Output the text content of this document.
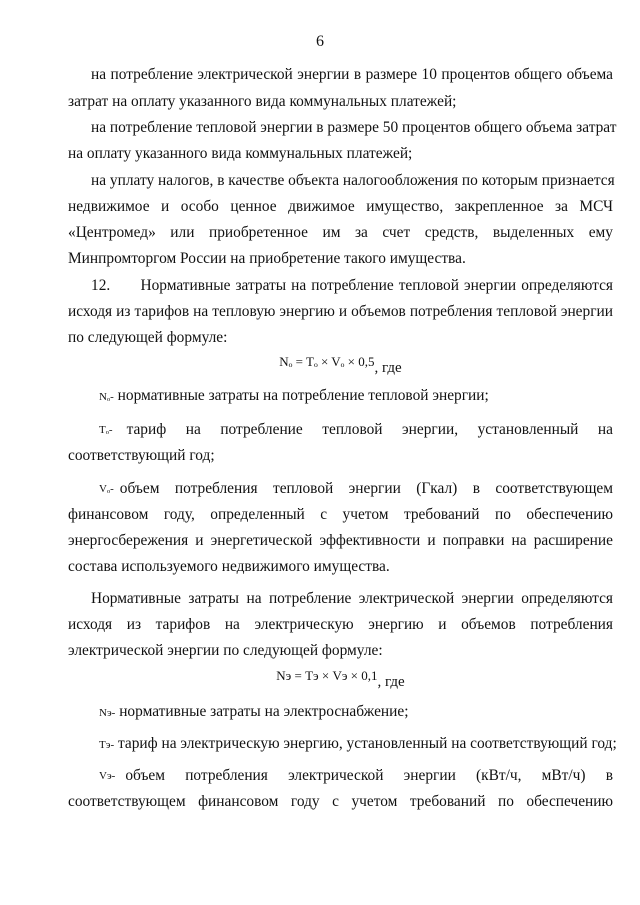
6
на потребление электрической энергии в размере 10 процентов общего объема
затрат на оплату указанного вида коммунальных платежей;
на потребление тепловой энергии в размере 50 процентов общего объема затрат
на оплату указанного вида коммунальных платежей;
на уплату налогов, в качестве объекта налогообложения по которым признается
недвижимое и особо ценное движимое имущество, закрепленное за МСЧ
«Центромед» или приобретенное им за счет средств, выделенных ему
Минпромторгом России на приобретение такого имущества.
12.      Нормативные затраты на потребление тепловой энергии определяются
исходя из тарифов на тепловую энергию и объемов потребления тепловой энергии
по следующей формуле:
Nₒ = Tₒ × Vₒ × 0,5, где
Nₒ- нормативные затраты на потребление тепловой энергии;
Tₒ- тариф на потребление тепловой энергии, установленный на
соответствующий год;
Vₒ- объем потребления тепловой энергии (Гкал) в соответствующем
финансовом году, определенный с учетом требований по обеспечению
энергосбережения и энергетической эффективности и поправки на расширение
состава используемого недвижимого имущества.
Нормативные затраты на потребление электрической энергии определяются
исходя из тарифов на электрическую энергию и объемов потребления
электрической энергии по следующей формуле:
Nэ = Tэ × Vэ × 0,1, где
Nэ- нормативные затраты на электроснабжение;
Tэ- тариф на электрическую энергию, установленный на соответствующий год;
Vэ- объем потребления электрической энергии (кВт/ч, мВт/ч) в
соответствующем финансовом году с учетом требований по обеспечению
